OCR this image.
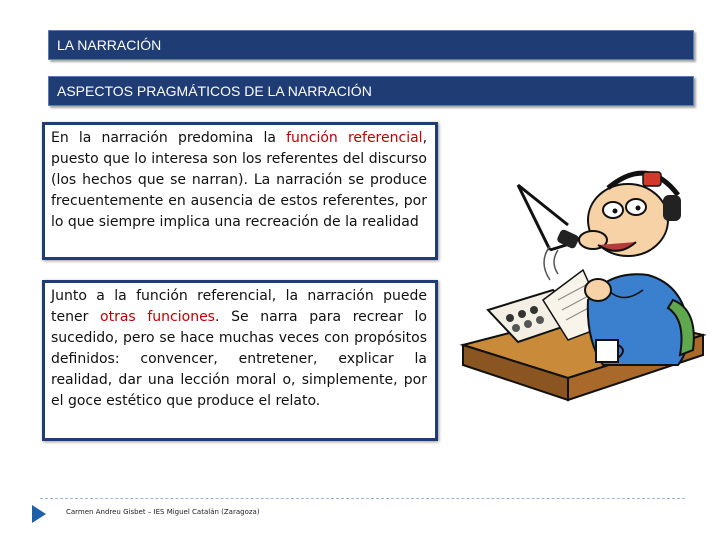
LA NARRACIÓN
ASPECTOS PRAGMÁTICOS DE LA NARRACIÓN
En la narración predomina la función referencial, puesto que lo interesa son los referentes del discurso (los hechos que se narran). La narración se produce frecuentemente en ausencia de estos referentes, por lo que siempre implica una recreación de la realidad
Junto a la función referencial, la narración puede tener otras funciones. Se narra para recrear lo sucedido, pero se hace muchas veces con propósitos definidos: convencer, entretener, explicar la realidad, dar una lección moral o, simplemente, por el goce estético que produce el relato.
Carmen Andreu Gisbet – IES Miguel Catalán (Zaragoza)
